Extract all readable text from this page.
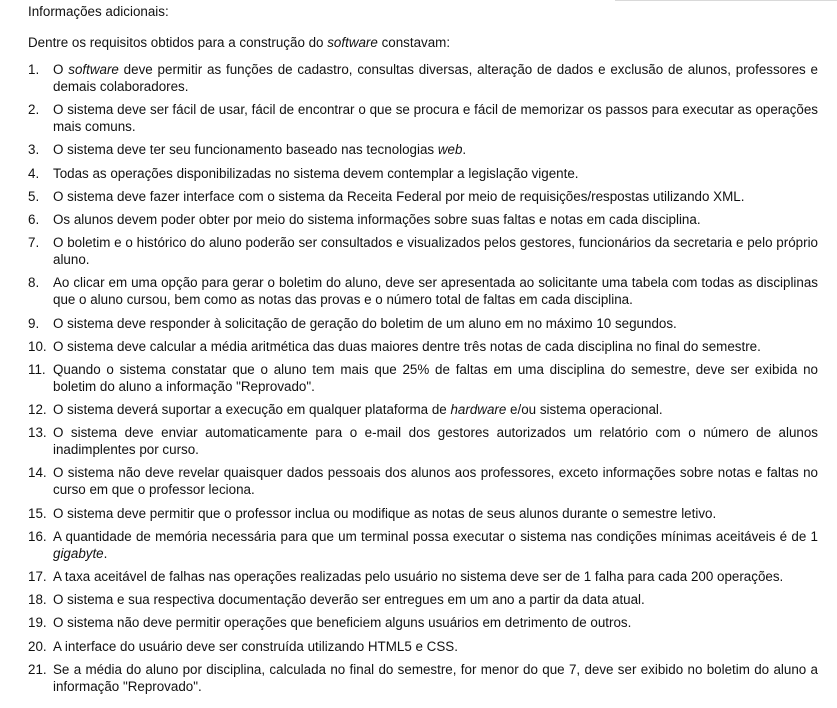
Informações adicionais:

Dentre os requisitos obtidos para a construção do software constavam:

1.	O software deve permitir as funções de cadastro, consultas diversas, alteração de dados e exclusão de alunos, professores e demais colaboradores.
2.	O sistema deve ser fácil de usar, fácil de encontrar o que se procura e fácil de memorizar os passos para executar as operações mais comuns.
3.	O sistema deve ter seu funcionamento baseado nas tecnologias web.
4.	Todas as operações disponibilizadas no sistema devem contemplar a legislação vigente.
5.	O sistema deve fazer interface com o sistema da Receita Federal por meio de requisições/respostas utilizando XML.
6.	Os alunos devem poder obter por meio do sistema informações sobre suas faltas e notas em cada disciplina.
7.	O boletim e o histórico do aluno poderão ser consultados e visualizados pelos gestores, funcionários da secretaria e pelo próprio aluno.
8.	Ao clicar em uma opção para gerar o boletim do aluno, deve ser apresentada ao solicitante uma tabela com todas as disciplinas que o aluno cursou, bem como as notas das provas e o número total de faltas em cada disciplina.
9.	O sistema deve responder à solicitação de geração do boletim de um aluno em no máximo 10 segundos.
10. O sistema deve calcular a média aritmética das duas maiores dentre três notas de cada disciplina no final do semestre.
11. Quando o sistema constatar que o aluno tem mais que 25% de faltas em uma disciplina do semestre, deve ser exibida no boletim do aluno a informação "Reprovado".
12. O sistema deverá suportar a execução em qualquer plataforma de hardware e/ou sistema operacional.
13. O sistema deve enviar automaticamente para o e-mail dos gestores autorizados um relatório com o número de alunos inadimplentes por curso.
14. O sistema não deve revelar quaisquer dados pessoais dos alunos aos professores, exceto informações sobre notas e faltas no curso em que o professor leciona.
15. O sistema deve permitir que o professor inclua ou modifique as notas de seus alunos durante o semestre letivo.
16. A quantidade de memória necessária para que um terminal possa executar o sistema nas condições mínimas aceitáveis é de 1 gigabyte.
17. A taxa aceitável de falhas nas operações realizadas pelo usuário no sistema deve ser de 1 falha para cada 200 operações.
18. O sistema e sua respectiva documentação deverão ser entregues em um ano a partir da data atual.
19. O sistema não deve permitir operações que beneficiem alguns usuários em detrimento de outros.
20. A interface do usuário deve ser construída utilizando HTML5 e CSS.
21. Se a média do aluno por disciplina, calculada no final do semestre, for menor do que 7, deve ser exibido no boletim do aluno a informação "Reprovado".
